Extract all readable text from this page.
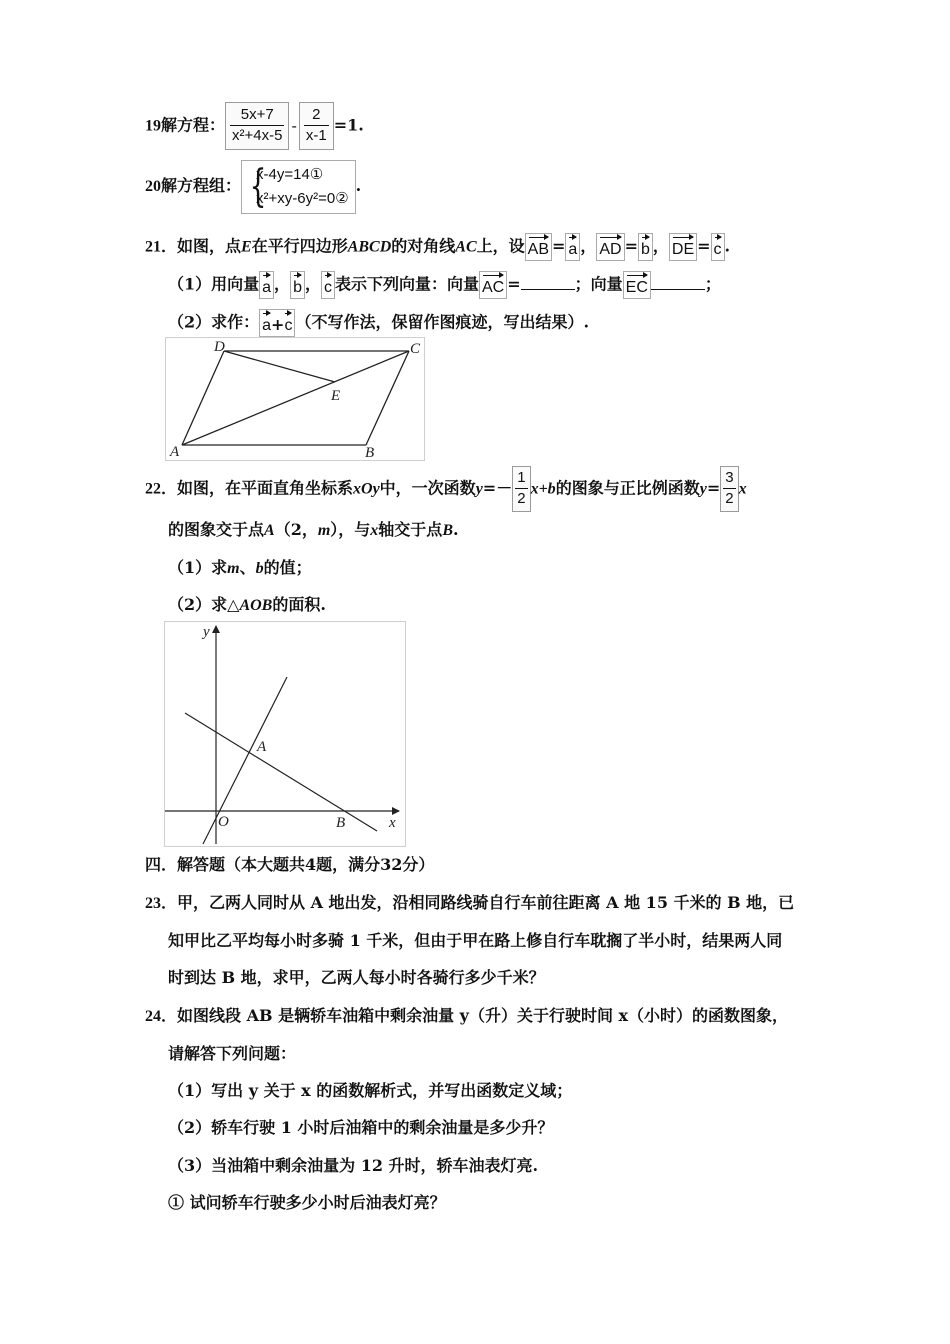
19解方程： $\frac{5x+7}{\text{x²+4x-5}} - \frac{2}{x-1} =1$.
20解方程组： {
x-4y=14①
x²+xy-6y²=0②
.
21．如图，点E在平行四边形ABCD的对角线AC上，设 AB = a ， AD = b ， DE = c .
（1）用向量 a ， b ， c 表示下列向量：向量 AC =	；向量 EC	；
（2）求作： a+c （不写作法，保留作图痕迹，写出结果）.
D	C
E
A	B
22．如图，在平面直角坐标系xOy中，一次函数$y=- \frac{1}{2} x+b$的图象与正比例函数$y= \frac{3}{2}$ x
的图象交于点A（2，m），与x轴交于点B.
（1）求m、b的值；
（2）求△AOB的面积.
y
x
O
A
B
四．解答题（本大题共4题，满分32分）
23．甲，乙两人同时从 A 地出发，沿相同路线骑自行车前往距离 A 地 15 千米的 B 地，已
知甲比乙平均每小时多骑 1 千米，但由于甲在路上修自行车耽搁了半小时，结果两人同
时到达 B 地，求甲，乙两人每小时各骑行多少千米？
24．如图线段 AB 是辆轿车油箱中剩余油量 y（升）关于行驶时间 x（小时）的函数图象，
请解答下列问题：
（1）写出 y 关于 x 的函数解析式，并写出函数定义域；
（2）轿车行驶 1 小时后油箱中的剩余油量是多少升？
（3）当油箱中剩余油量为 12 升时，轿车油表灯亮.
① 试问轿车行驶多少小时后油表灯亮？
